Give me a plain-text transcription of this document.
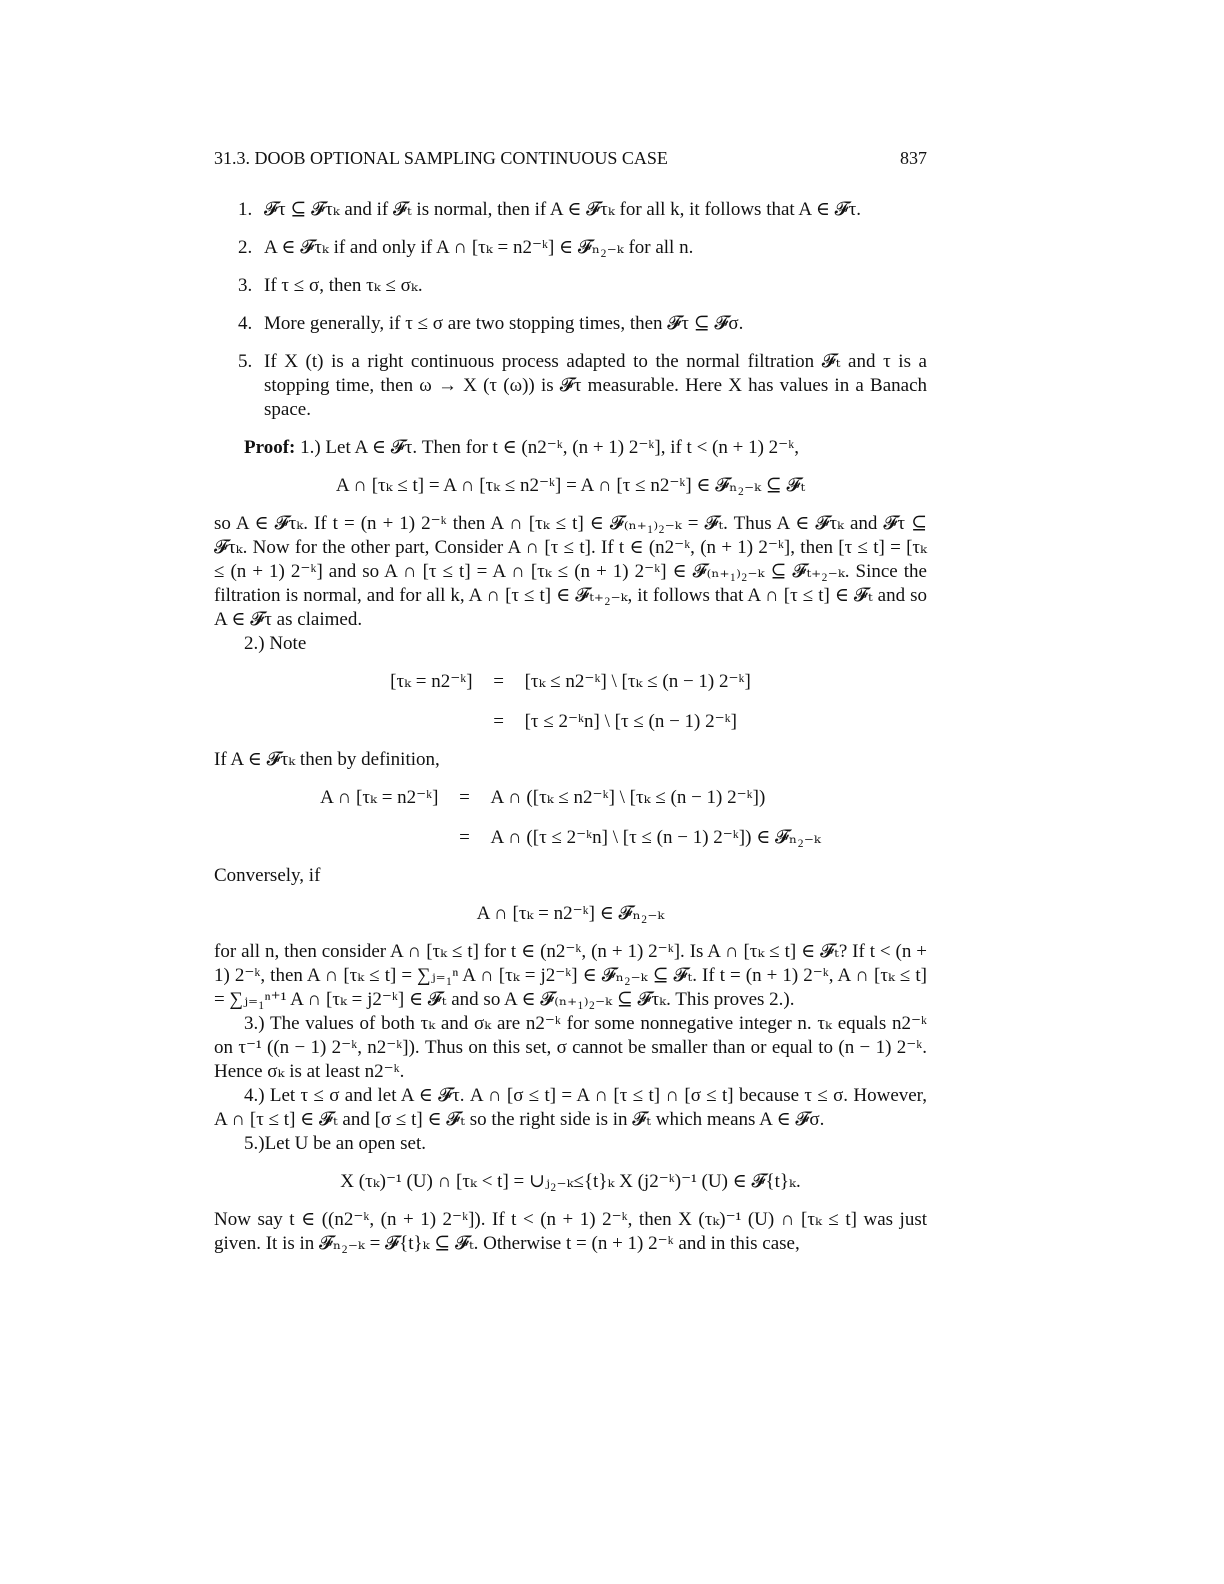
31.3. DOOB OPTIONAL SAMPLING CONTINUOUS CASE	837
1. 𝓕τ ⊆ 𝓕τₖ and if 𝓕ₜ is normal, then if A ∈ 𝓕τₖ for all k, it follows that A ∈ 𝓕τ.
2. A ∈ 𝓕τₖ if and only if A ∩ [τₖ = n2⁻ᵏ] ∈ 𝓕ₙ₂₋ₖ for all n.
3. If τ ≤ σ, then τₖ ≤ σₖ.
4. More generally, if τ ≤ σ are two stopping times, then 𝓕τ ⊆ 𝓕σ.
5. If X (t) is a right continuous process adapted to the normal filtration 𝓕ₜ and τ is a stopping time, then ω → X (τ (ω)) is 𝓕τ measurable. Here X has values in a Banach space.

Proof: 1.) Let A ∈ 𝓕τ. Then for t ∈ (n2⁻ᵏ, (n + 1) 2⁻ᵏ], if t < (n + 1) 2⁻ᵏ,

A ∩ [τₖ ≤ t] = A ∩ [τₖ ≤ n2⁻ᵏ] = A ∩ [τ ≤ n2⁻ᵏ] ∈ 𝓕ₙ₂₋ₖ ⊆ 𝓕ₜ

so A ∈ 𝓕τₖ. If t = (n + 1) 2⁻ᵏ then A ∩ [τₖ ≤ t] ∈ 𝓕₍ₙ₊₁₎₂₋ₖ = 𝓕ₜ. Thus A ∈ 𝓕τₖ and 𝓕τ ⊆ 𝓕τₖ. Now for the other part, Consider A ∩ [τ ≤ t]. If t ∈ (n2⁻ᵏ, (n + 1) 2⁻ᵏ], then [τ ≤ t] = [τₖ ≤ (n + 1) 2⁻ᵏ] and so A ∩ [τ ≤ t] = A ∩ [τₖ ≤ (n + 1) 2⁻ᵏ] ∈ 𝓕₍ₙ₊₁₎₂₋ₖ ⊆ 𝓕ₜ₊₂₋ₖ. Since the filtration is normal, and for all k, A ∩ [τ ≤ t] ∈ 𝓕ₜ₊₂₋ₖ, it follows that A ∩ [τ ≤ t] ∈ 𝓕ₜ and so A ∈ 𝓕τ as claimed.

2.) Note

[τₖ = n2⁻ᵏ]	=	[τₖ ≤ n2⁻ᵏ] \ [τₖ ≤ (n − 1) 2⁻ᵏ]
=	[τ ≤ 2⁻ᵏn] \ [τ ≤ (n − 1) 2⁻ᵏ]

If A ∈ 𝓕τₖ then by definition,

A ∩ [τₖ = n2⁻ᵏ]	=	A ∩ ([τₖ ≤ n2⁻ᵏ] \ [τₖ ≤ (n − 1) 2⁻ᵏ])
=	A ∩ ([τ ≤ 2⁻ᵏn] \ [τ ≤ (n − 1) 2⁻ᵏ]) ∈ 𝓕ₙ₂₋ₖ

Conversely, if

A ∩ [τₖ = n2⁻ᵏ] ∈ 𝓕ₙ₂₋ₖ

for all n, then consider A ∩ [τₖ ≤ t] for t ∈ (n2⁻ᵏ, (n + 1) 2⁻ᵏ]. Is A ∩ [τₖ ≤ t] ∈ 𝓕ₜ? If t < (n + 1) 2⁻ᵏ, then A ∩ [τₖ ≤ t] = ∑ⱼ₌₁ⁿ A ∩ [τₖ = j2⁻ᵏ] ∈ 𝓕ₙ₂₋ₖ ⊆ 𝓕ₜ. If t = (n + 1) 2⁻ᵏ, A ∩ [τₖ ≤ t] = ∑ⱼ₌₁ⁿ⁺¹ A ∩ [τₖ = j2⁻ᵏ] ∈ 𝓕ₜ and so A ∈ 𝓕₍ₙ₊₁₎₂₋ₖ ⊆ 𝓕τₖ. This proves 2.).

3.) The values of both τₖ and σₖ are n2⁻ᵏ for some nonnegative integer n. τₖ equals n2⁻ᵏ on τ⁻¹ ((n − 1) 2⁻ᵏ, n2⁻ᵏ]). Thus on this set, σ cannot be smaller than or equal to (n − 1) 2⁻ᵏ. Hence σₖ is at least n2⁻ᵏ.

4.) Let τ ≤ σ and let A ∈ 𝓕τ. A ∩ [σ ≤ t] = A ∩ [τ ≤ t] ∩ [σ ≤ t] because τ ≤ σ. However, A ∩ [τ ≤ t] ∈ 𝓕ₜ and [σ ≤ t] ∈ 𝓕ₜ so the right side is in 𝓕ₜ which means A ∈ 𝓕σ.

5.)Let U be an open set.

X (τₖ)⁻¹ (U) ∩ [τₖ < t] = ∪ⱼ₂₋ₖ≤{t}ₖ X (j2⁻ᵏ)⁻¹ (U) ∈ 𝓕{t}ₖ.

Now say t ∈ ((n2⁻ᵏ, (n + 1) 2⁻ᵏ]). If t < (n + 1) 2⁻ᵏ, then X (τₖ)⁻¹ (U) ∩ [τₖ ≤ t] was just given. It is in 𝓕ₙ₂₋ₖ = 𝓕{t}ₖ ⊆ 𝓕ₜ. Otherwise t = (n + 1) 2⁻ᵏ and in this case,
